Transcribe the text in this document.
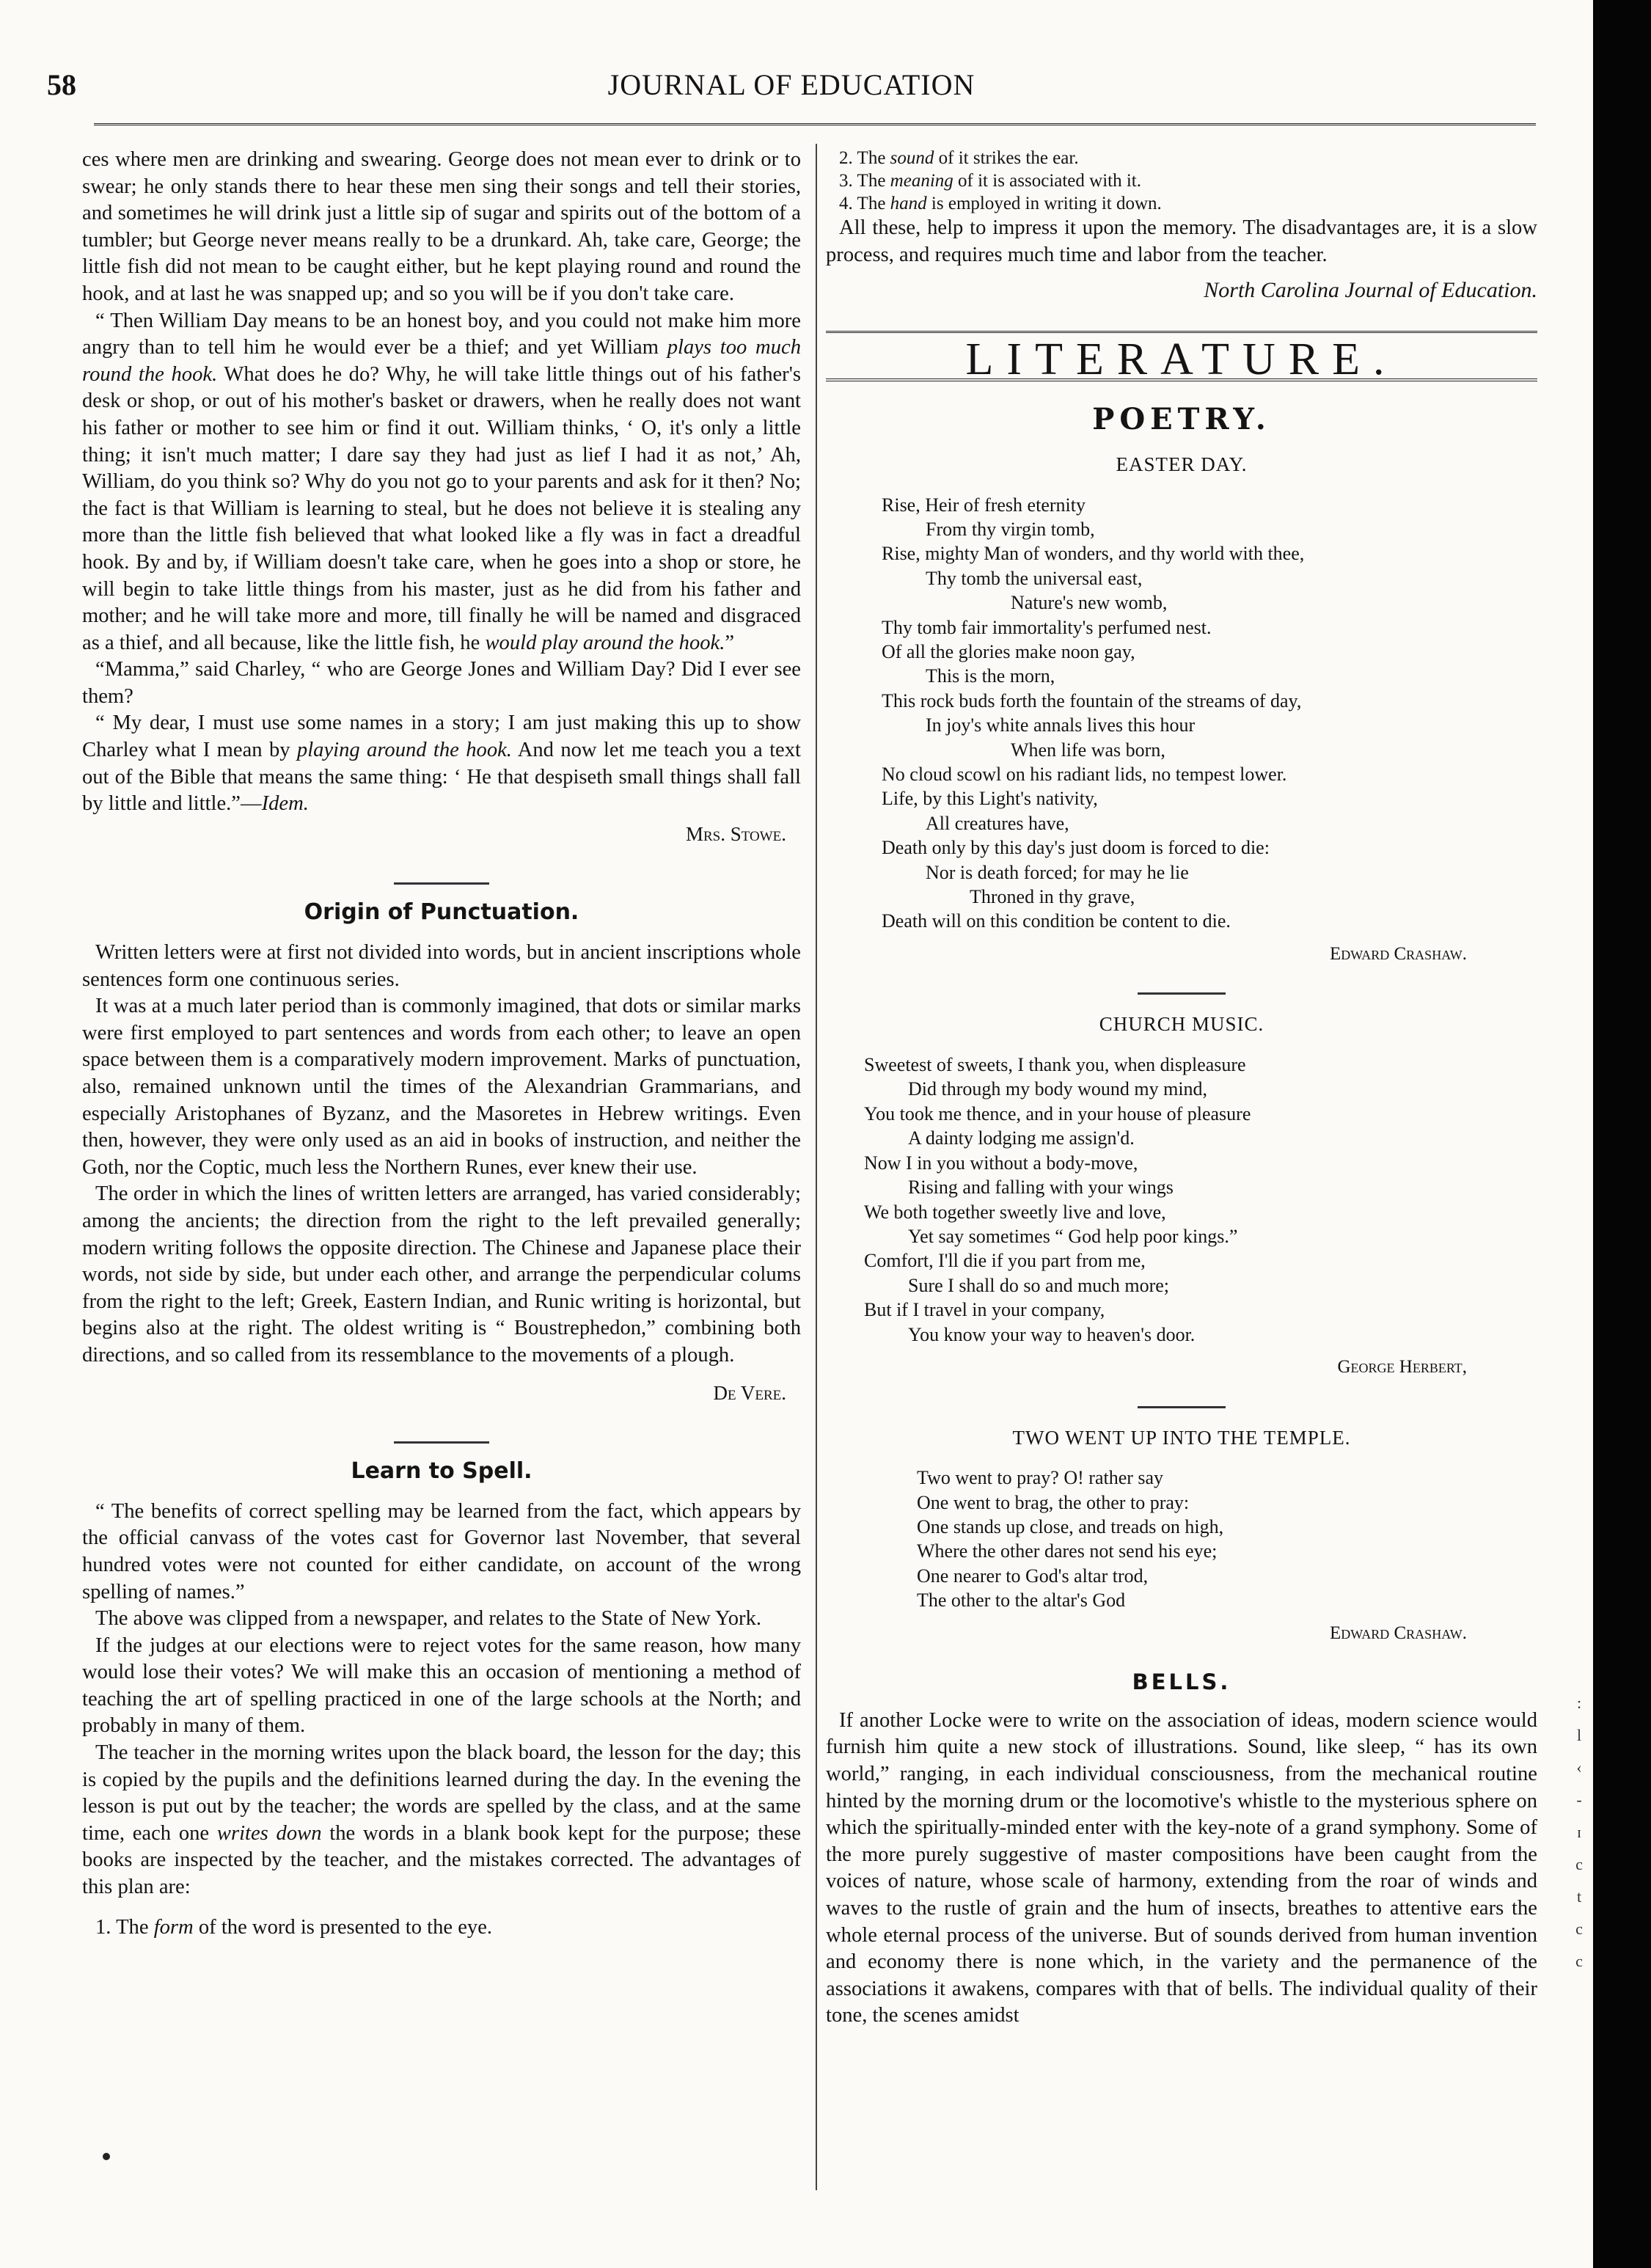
:
l
‹
-
ɪ
c
t
c
c
58	JOURNAL OF EDUCATION

ces where men are drinking and swearing. George does not mean ever to drink or to swear; he only stands there to hear these men sing their songs and tell their stories, and sometimes he will drink just a little sip of sugar and spirits out of the bottom of a tumbler; but George never means really to be a drunkard. Ah, take care, George; the little fish did not mean to be caught either, but he kept playing round and round the hook, and at last he was snapped up; and so you will be if you don't take care.

“ Then William Day means to be an honest boy, and you could not make him more angry than to tell him he would ever be a thief; and yet William plays too much round the hook. What does he do? Why, he will take little things out of his father's desk or shop, or out of his mother's basket or drawers, when he really does not want his father or mother to see him or find it out. William thinks, ‘ O, it's only a little thing; it isn't much matter; I dare say they had just as lief I had it as not,’ Ah, William, do you think so? Why do you not go to your parents and ask for it then? No; the fact is that William is learning to steal, but he does not believe it is stealing any more than the little fish believed that what looked like a fly was in fact a dreadful hook. By and by, if William doesn't take care, when he goes into a shop or store, he will begin to take little things from his master, just as he did from his father and mother; and he will take more and more, till finally he will be named and disgraced as a thief, and all because, like the little fish, he would play around the hook.”

“Mamma,” said Charley, “ who are George Jones and William Day? Did I ever see them?

“ My dear, I must use some names in a story; I am just making this up to show Charley what I mean by playing around the hook. And now let me teach you a text out of the Bible that means the same thing: ‘ He that despiseth small things shall fall by little and little.”—Idem.

Mrs. Stowe.
Origin of Punctuation.

Written letters were at first not divided into words, but in ancient inscriptions whole sentences form one continuous series.

It was at a much later period than is commonly imagined, that dots or similar marks were first employed to part sentences and words from each other; to leave an open space between them is a comparatively modern improvement. Marks of punctuation, also, remained unknown until the times of the Alexandrian Grammarians, and especially Aristophanes of Byzanz, and the Masoretes in Hebrew writings. Even then, however, they were only used as an aid in books of instruction, and neither the Goth, nor the Coptic, much less the Northern Runes, ever knew their use.

The order in which the lines of written letters are arranged, has varied considerably; among the ancients; the direction from the right to the left prevailed generally; modern writing follows the opposite direction. The Chinese and Japanese place their words, not side by side, but under each other, and arrange the perpendicular colums from the right to the left; Greek, Eastern Indian, and Runic writing is horizontal, but begins also at the right. The oldest writing is “ Boustrephedon,” combining both directions, and so called from its ressemblance to the movements of a plough.

De Vere.
Learn to Spell.

“ The benefits of correct spelling may be learned from the fact, which appears by the official canvass of the votes cast for Governor last November, that several hundred votes were not counted for either candidate, on account of the wrong spelling of names.”

The above was clipped from a newspaper, and relates to the State of New York.

If the judges at our elections were to reject votes for the same reason, how many would lose their votes? We will make this an occasion of mentioning a method of teaching the art of spelling practiced in one of the large schools at the North; and probably in many of them.

The teacher in the morning writes upon the black board, the lesson for the day; this is copied by the pupils and the definitions learned during the day. In the evening the lesson is put out by the teacher; the words are spelled by the class, and at the same time, each one writes down the words in a blank book kept for the purpose; these books are inspected by the teacher, and the mistakes corrected. The advantages of this plan are:

1. The form of the word is presented to the eye.

2. The sound of it strikes the ear.

3. The meaning of it is associated with it.

4. The hand is employed in writing it down.

All these, help to impress it upon the memory. The disadvantages are, it is a slow process, and requires much time and labor from the teacher.

North Carolina Journal of Education.
LITERATURE.
POETRY.
EASTER DAY.
Rise, Heir of fresh eternity
From thy virgin tomb,
Rise, mighty Man of wonders, and thy world with thee,
Thy tomb the universal east,
Nature's new womb,
Thy tomb fair immortality's perfumed nest.
Of all the glories make noon gay,
This is the morn,
This rock buds forth the fountain of the streams of day,
In joy's white annals lives this hour
When life was born,
No cloud scowl on his radiant lids, no tempest lower.
Life, by this Light's nativity,
All creatures have,
Death only by this day's just doom is forced to die:
Nor is death forced; for may he lie
Throned in thy grave,
Death will on this condition be content to die.
Edward Crashaw.
CHURCH MUSIC.
Sweetest of sweets, I thank you, when displeasure
Did through my body wound my mind,
You took me thence, and in your house of pleasure
A dainty lodging me assign'd.
Now I in you without a body-move,
Rising and falling with your wings
We both together sweetly live and love,
Yet say sometimes “ God help poor kings.”
Comfort, I'll die if you part from me,
Sure I shall do so and much more;
But if I travel in your company,
You know your way to heaven's door.
George Herbert,
TWO WENT UP INTO THE TEMPLE.
Two went to pray? O! rather say
One went to brag, the other to pray:
One stands up close, and treads on high,
Where the other dares not send his eye;
One nearer to God's altar trod,
The other to the altar's God
Edward Crashaw.
BELLS.

If another Locke were to write on the association of ideas, modern science would furnish him quite a new stock of illustrations. Sound, like sleep, “ has its own world,” ranging, in each individual consciousness, from the mechanical routine hinted by the morning drum or the locomotive's whistle to the mysterious sphere on which the spiritually-minded enter with the key-note of a grand symphony. Some of the more purely suggestive of master compositions have been caught from the voices of nature, whose scale of harmony, extending from the roar of winds and waves to the rustle of grain and the hum of insects, breathes to attentive ears the whole eternal process of the universe. But of sounds derived from human invention and economy there is none which, in the variety and the permanence of the associations it awakens, compares with that of bells. The individual quality of their tone, the scenes amidst
